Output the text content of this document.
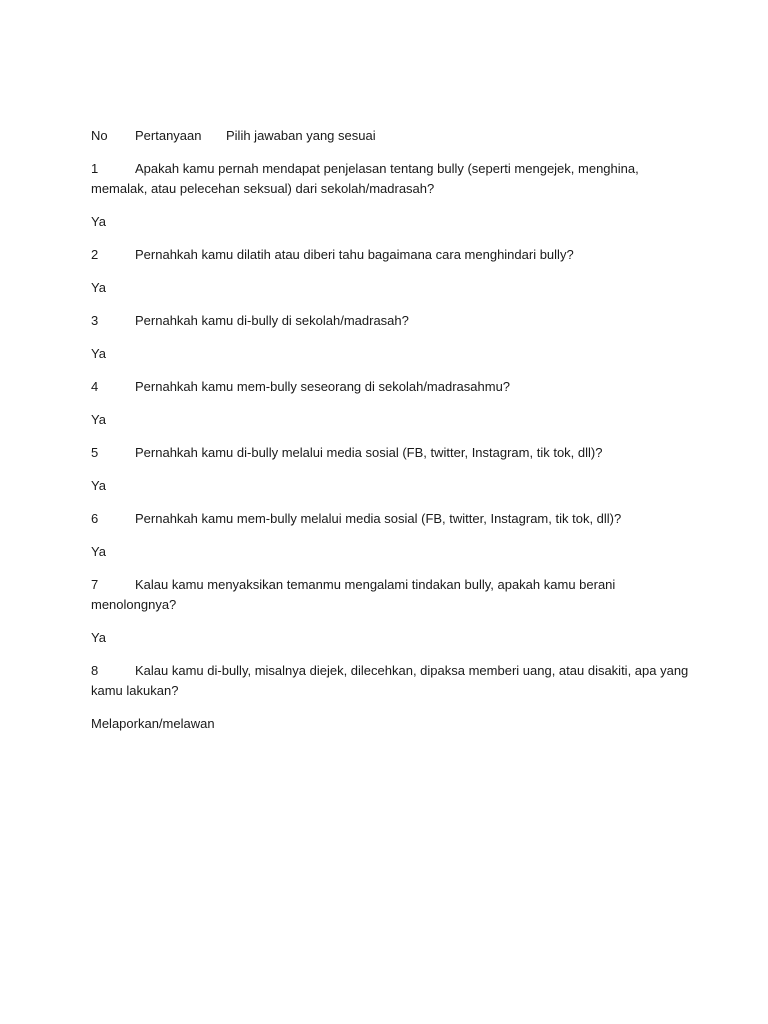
No	Pertanyaan	Pilih jawaban yang sesuai

1	Apakah kamu pernah mendapat penjelasan tentang bully (seperti mengejek, menghina, memalak, atau pelecehan seksual) dari sekolah/madrasah?

Ya

2	Pernahkah kamu dilatih atau diberi tahu bagaimana cara menghindari bully?

Ya

3	Pernahkah kamu di-bully di sekolah/madrasah?

Ya

4	Pernahkah kamu mem-bully seseorang di sekolah/madrasahmu?

Ya

5	Pernahkah kamu di-bully melalui media sosial (FB, twitter, Instagram, tik tok, dll)?

Ya

6	Pernahkah kamu mem-bully melalui media sosial (FB, twitter, Instagram, tik tok, dll)?

Ya

7	Kalau kamu menyaksikan temanmu mengalami tindakan bully, apakah kamu berani menolongnya?

Ya

8	Kalau kamu di-bully, misalnya diejek, dilecehkan, dipaksa memberi uang, atau disakiti, apa yang kamu lakukan?

Melaporkan/melawan
